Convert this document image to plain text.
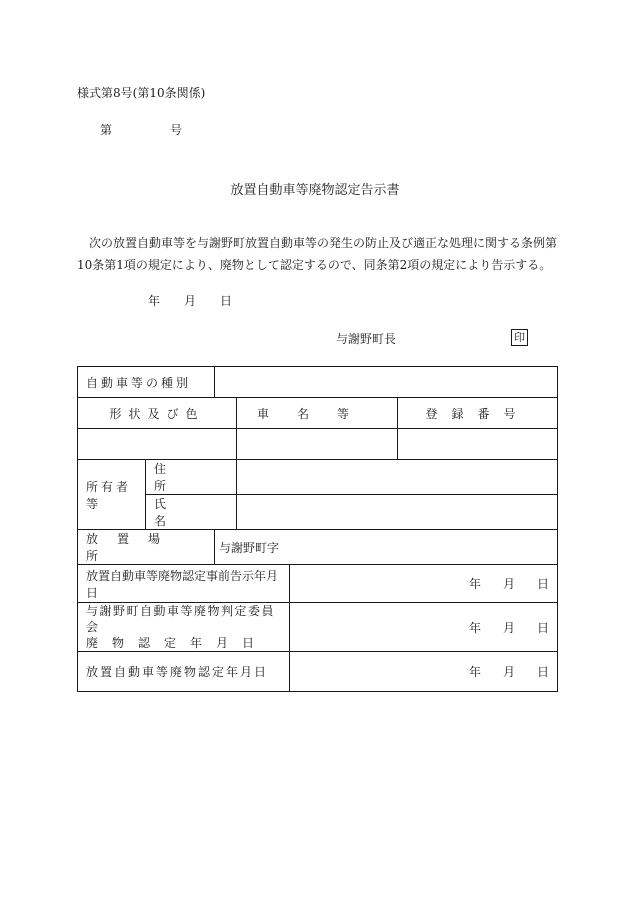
様式第8号(第10条関係)
第	号
放置自動車等廃物認定告示書

次の放置自動車等を与謝野町放置自動車等の発生の防止及び適正な処理に関する条例第

10条第1項の規定により、廃物として認定するので、同条第2項の規定により告示する。

年 月 日
与謝野町長	印
自動車等の種別					
形状及び色			車名等		登録番号

所有者等	住所				
	氏名				
放置場所		与謝野町字			
放置自動車等廃物認定事前告示年月日				年 月 日	

与謝野町自動車等廃物判定委員会
廃物認定年月日				年 月 日	
放置自動車等廃物認定年月日				年 月 日	
